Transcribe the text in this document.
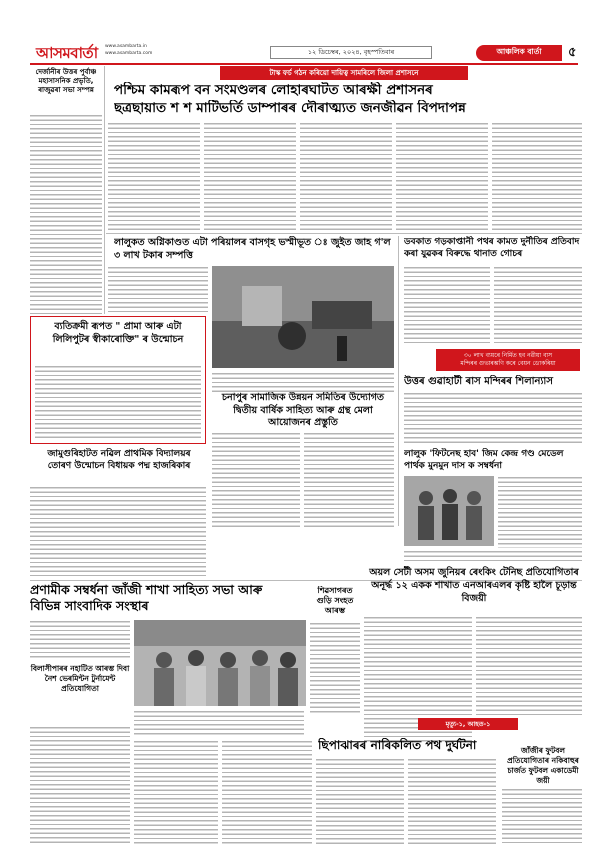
আসমবাৰ্তা www.asambarta.in
www.asambarta.com	১২ ডিচেম্বৰ, ২০২৪, বৃহস্পতিবাৰ	আঞ্চলিক বাৰ্তা ৫
দেৰ্জানীৰ উত্তৰ পুৰ্বাঞ্চ মহাসাসনিক প্ৰভৃতি, ৰাজুৱৰা সভা সম্পন্ন
টাস্ক ফৰ্চ গঠন কৰিয়ো দায়িত্ব সামৰিলে জিলা প্ৰশাসনে
পশ্চিম কামৰূপ বন সংমণ্ডলৰ লোহাৰঘাটত আৰক্ষী প্ৰশাসনৰ
ছত্ৰছায়াত শ শ মাটিভৰ্তি ডাম্পাৰৰ দৌৰাত্ম্যত জনজীৱন বিপদাপন্ন
লালুকত অগ্নিকাণ্ডত এটা পৰিয়ালৰ বাসগৃহ ভস্মীভূত ঃ জুইত জাহ গ'ল ৩ লাখ টকাৰ সম্পত্তি
ডবকাত গড়কাপ্তানী পথৰ কামত দুৰ্নীতিৰ প্ৰতিবাদ কৰা যুৱকৰ বিৰুদ্ধে থানাত গোচৰ
৩০ লাখ ব্যয়ৰে নিৰ্মিত হব নৱীয়া বাস
মন্দিৰৰ গুভাৰম্ভণি কৰে বেয়ন ডোকৰিয়া
ব্যতিক্ৰমী ৰূপত " প্ৰামা আৰু এটা লিলিপুটৰ স্বীকাৰোক্তি" ৰ উন্মোচন
চনাপুৰ সামাজিক উন্নয়ন সমিতিৰ উদ্যোগত দ্বিতীয় বাৰ্ষিক সাহিত্য আৰু গ্ৰন্থ মেলা আয়োজনৰ প্ৰস্তুতি
উত্তৰ গুৱাহাটী ৰাস মন্দিৰৰ শিলান্যাস
জামুগুৰিহাটত নৱিল প্ৰাথমিক বিদ্যালয়ৰ তোৰণ উন্মোচন বিধায়ক পদ্ম হাজৰিকাৰ
লালুক 'ফিটনেছ হাব' জিম কেন্দ্ৰ গণ্ড মেডেল পাৰ্থক মুনমুন দাস ক সম্বৰ্ধনা
অয়ল সেটী অসম জুনিয়ৰ ৰেংকিং টেনিছ প্ৰতিযোগিতাৰ অনূৰ্দ্ধ ১২ একক শাখাত এনআৰএলৰ কৃষ্টি হালৈ চূড়ান্ত বিজয়ী
প্ৰণামীক সম্বৰ্ধনা জাঁজী শাখা সাহিত্য সভা আৰু বিভিন্ন সাংবাদিক সংস্থাৰ
বিলাসীপাৰৰ নহাটিত আৰম্ভ দিবা নৈশ ভেৰমিন্টন টুৰ্নামেন্ট প্ৰতিযোগিতা
শিৱসাগৰত গুড়ি সংহত আৰম্ভ
মৃত্যু-১, আহত-১
ছিপাঝাৰৰ নাৰিকলিত পথ দুৰ্ঘটনা	জাঁজীৰ ফুটবল প্ৰতিযোগিতাৰ নকিবাহুৰ চাৰ্জত ফুটবল একাডেমী জয়ী
